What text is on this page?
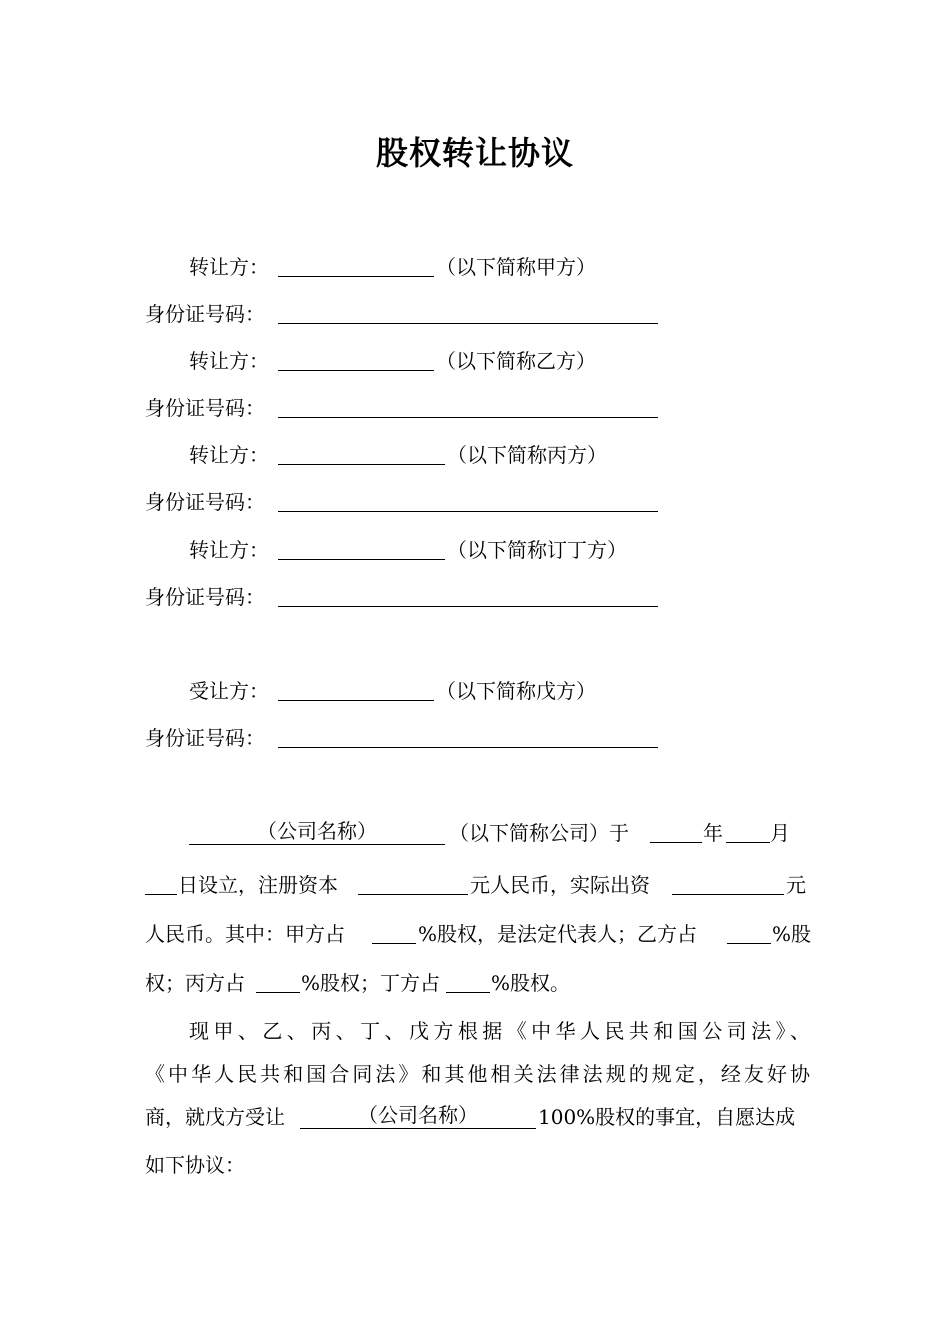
股权转让协议
转让方：	（以下简称甲方）
身份证号码：
转让方：	（以下简称乙方）
身份证号码：
转让方：	（以下简称丙方）
身份证号码：
转让方：	（以下简称订丁方）
身份证号码：
受让方：	（以下简称戊方）
身份证号码：
（公司名称）	（以下简称公司）于	年 月
日设立，注册资本	元人民币，实际出资	元
人民币。其中：甲方占	%股权，是法定代表人；乙方占	%股
权；丙方占	%股权；丁方占	%股权。
现甲、乙、丙、丁、戊方根据《中华人民共和国公司法》、
《中华人民共和国合同法》和其他相关法律法规的规定，经友好协
商，就戊方受让	（公司名称）	100%股权的事宜，自愿达成
如下协议：
